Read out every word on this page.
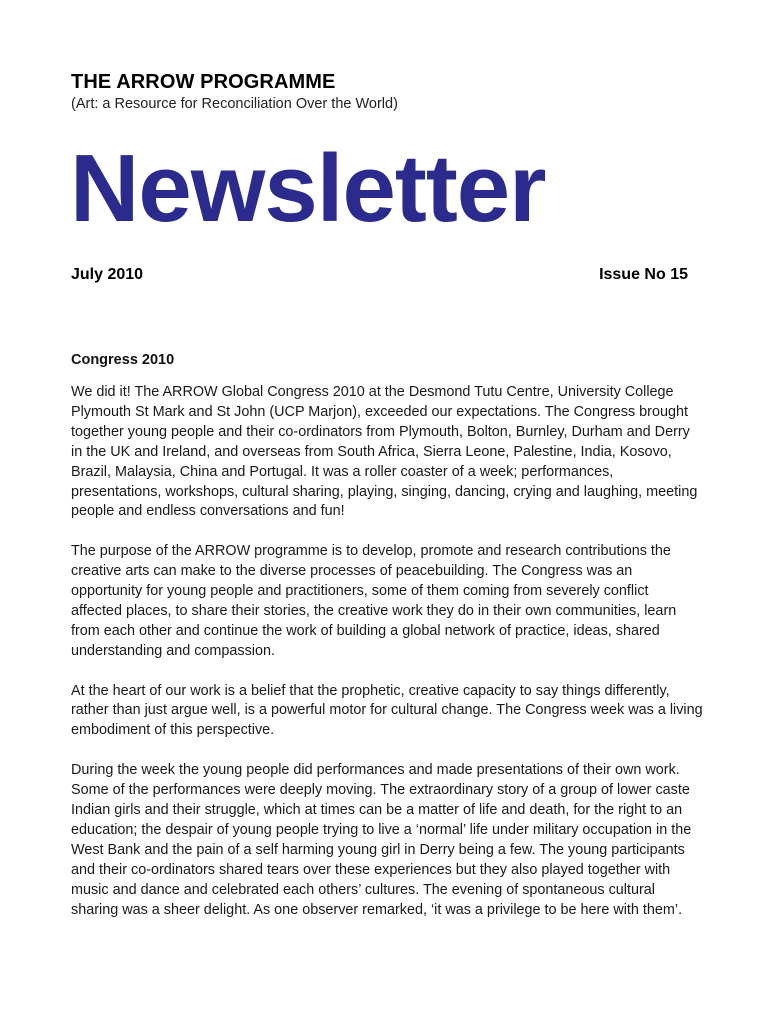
THE ARROW PROGRAMME
(Art: a Resource for Reconciliation Over the World)
Newsletter
July 2010	Issue No 15
Congress 2010

We did it! The ARROW Global Congress 2010 at the Desmond Tutu Centre, University College Plymouth St Mark and St John (UCP Marjon), exceeded our expectations. The Congress brought together young people and their co-ordinators from Plymouth, Bolton, Burnley, Durham and Derry in the UK and Ireland, and overseas from South Africa, Sierra Leone, Palestine, India, Kosovo, Brazil, Malaysia, China and Portugal. It was a roller coaster of a week; performances, presentations, workshops, cultural sharing, playing, singing, dancing, crying and laughing, meeting people and endless conversations and fun!

The purpose of the ARROW programme is to develop, promote and research contributions the creative arts can make to the diverse processes of peacebuilding. The Congress was an opportunity for young people and practitioners, some of them coming from severely conflict affected places, to share their stories, the creative work they do in their own communities, learn from each other and continue the work of building a global network of practice, ideas, shared understanding and compassion.

At the heart of our work is a belief that the prophetic, creative capacity to say things differently, rather than just argue well, is a powerful motor for cultural change. The Congress week was a living embodiment of this perspective.

During the week the young people did performances and made presentations of their own work. Some of the performances were deeply moving. The extraordinary story of a group of lower caste Indian girls and their struggle, which at times can be a matter of life and death, for the right to an education; the despair of young people trying to live a ‘normal’ life under military occupation in the West Bank and the pain of a self harming young girl in Derry being a few. The young participants and their co-ordinators shared tears over these experiences but they also played together with music and dance and celebrated each others’ cultures. The evening of spontaneous cultural sharing was a sheer delight. As one observer remarked, ‘it was a privilege to be here with them’.
